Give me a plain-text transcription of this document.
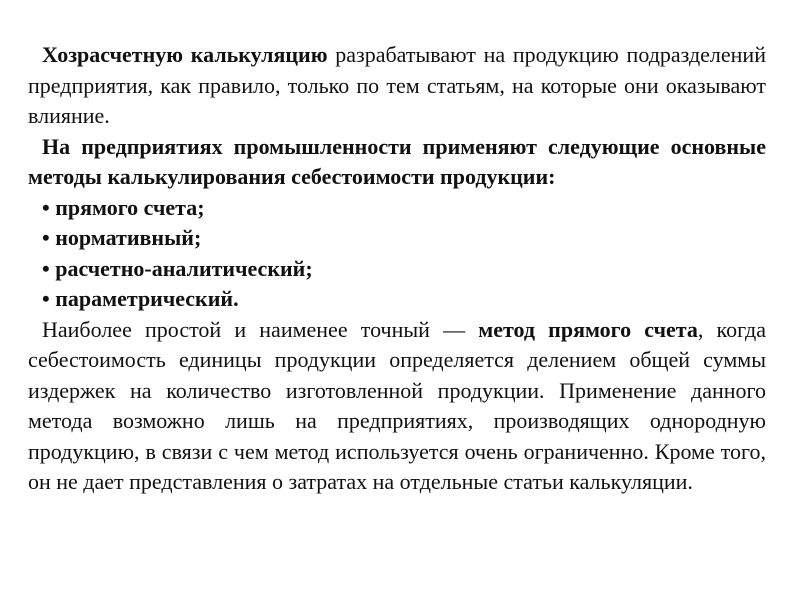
Хозрасчетную калькуляцию разрабатывают на продукцию подразделений предприятия, как правило, только по тем статьям, на которые они оказывают влияние.

На предприятиях промышленности применяют следующие основные методы калькулирования себестоимости продукции:

• прямого счета;

• нормативный;

• расчетно-аналитический;

• параметрический.

Наиболее простой и наименее точный — метод прямого счета, когда себестоимость единицы продукции определяется делением общей суммы издержек на количество изготовленной продукции. Применение данного метода возможно лишь на предприятиях, производящих однородную продукцию, в связи с чем метод используется очень ограниченно. Кроме того, он не дает представления о затратах на отдельные статьи калькуляции.
